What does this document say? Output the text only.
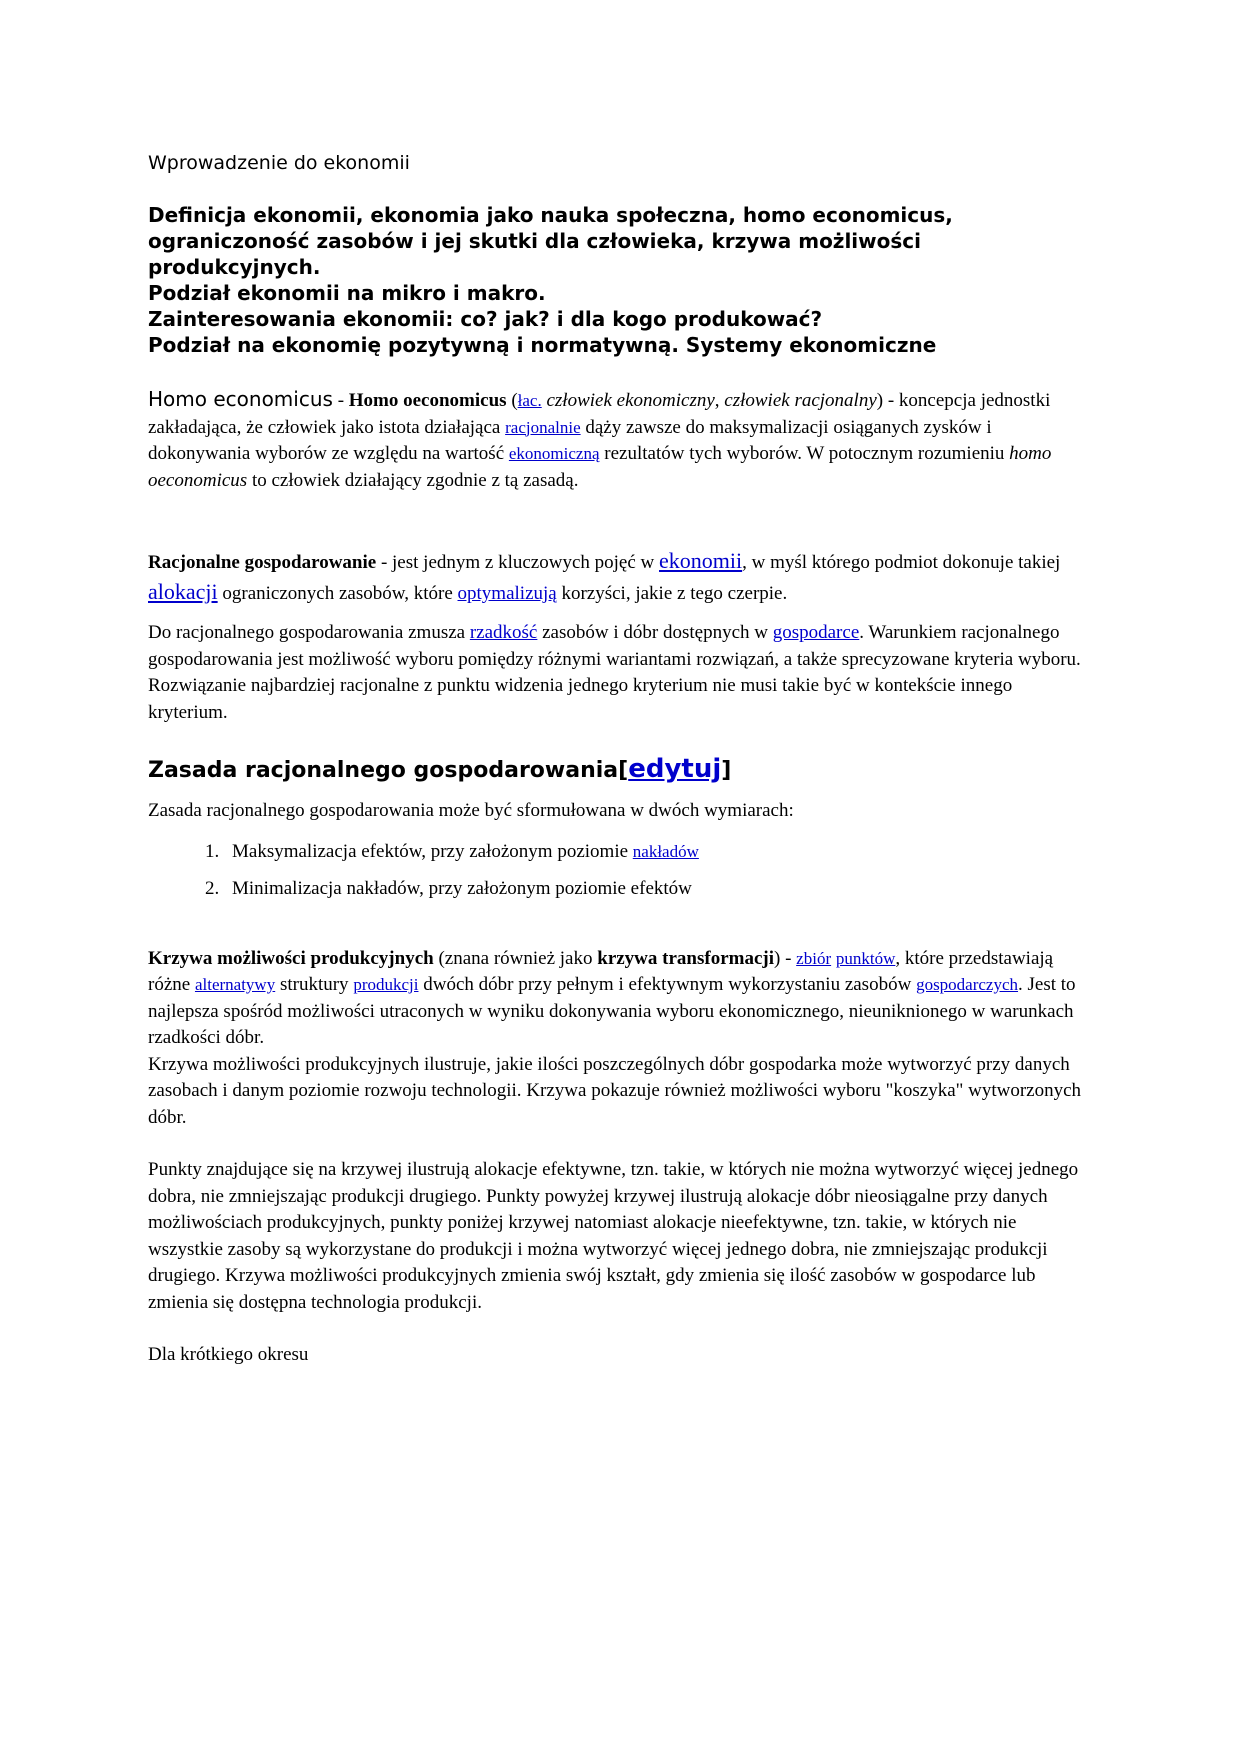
Wprowadzenie do ekonomii
Definicja ekonomii, ekonomia jako nauka społeczna, homo economicus,
ograniczoność zasobów i jej skutki dla człowieka, krzywa możliwości produkcyjnych.
Podział ekonomii na mikro i makro.
Zainteresowania ekonomii: co? jak? i dla kogo produkować?
Podział na ekonomię pozytywną i normatywną. Systemy ekonomiczne

Homo economicus - Homo oeconomicus (łac. człowiek ekonomiczny, człowiek racjonalny) - koncepcja jednostki zakładająca, że człowiek jako istota działająca racjonalnie dąży zawsze do maksymalizacji osiąganych zysków i dokonywania wyborów ze względu na wartość ekonomiczną rezultatów tych wyborów. W potocznym rozumieniu homo oeconomicus to człowiek działający zgodnie z tą zasadą.

Racjonalne gospodarowanie - jest jednym z kluczowych pojęć w ekonomii, w myśl którego podmiot dokonuje takiej alokacji ograniczonych zasobów, które optymalizują korzyści, jakie z tego czerpie.

Do racjonalnego gospodarowania zmusza rzadkość zasobów i dóbr dostępnych w gospodarce. Warunkiem racjonalnego gospodarowania jest możliwość wyboru pomiędzy różnymi wariantami rozwiązań, a także sprecyzowane kryteria wyboru. Rozwiązanie najbardziej racjonalne z punktu widzenia jednego kryterium nie musi takie być w kontekście innego kryterium.

Zasada racjonalnego gospodarowania[edytuj]

Zasada racjonalnego gospodarowania może być sformułowana w dwóch wymiarach:

1. Maksymalizacja efektów, przy założonym poziomie nakładów
2. Minimalizacja nakładów, przy założonym poziomie efektów

Krzywa możliwości produkcyjnych (znana również jako krzywa transformacji) - zbiór punktów, które przedstawiają różne alternatywy struktury produkcji dwóch dóbr przy pełnym i efektywnym wykorzystaniu zasobów gospodarczych. Jest to najlepsza spośród możliwości utraconych w wyniku dokonywania wyboru ekonomicznego, nieuniknionego w warunkach rzadkości dóbr.
Krzywa możliwości produkcyjnych ilustruje, jakie ilości poszczególnych dóbr gospodarka może wytworzyć przy danych zasobach i danym poziomie rozwoju technologii. Krzywa pokazuje również możliwości wyboru "koszyka" wytworzonych dóbr.

Punkty znajdujące się na krzywej ilustrują alokacje efektywne, tzn. takie, w których nie można wytworzyć więcej jednego dobra, nie zmniejszając produkcji drugiego. Punkty powyżej krzywej ilustrują alokacje dóbr nieosiągalne przy danych możliwościach produkcyjnych, punkty poniżej krzywej natomiast alokacje nieefektywne, tzn. takie, w których nie wszystkie zasoby są wykorzystane do produkcji i można wytworzyć więcej jednego dobra, nie zmniejszając produkcji drugiego. Krzywa możliwości produkcyjnych zmienia swój kształt, gdy zmienia się ilość zasobów w gospodarce lub zmienia się dostępna technologia produkcji.

Dla krótkiego okresu
